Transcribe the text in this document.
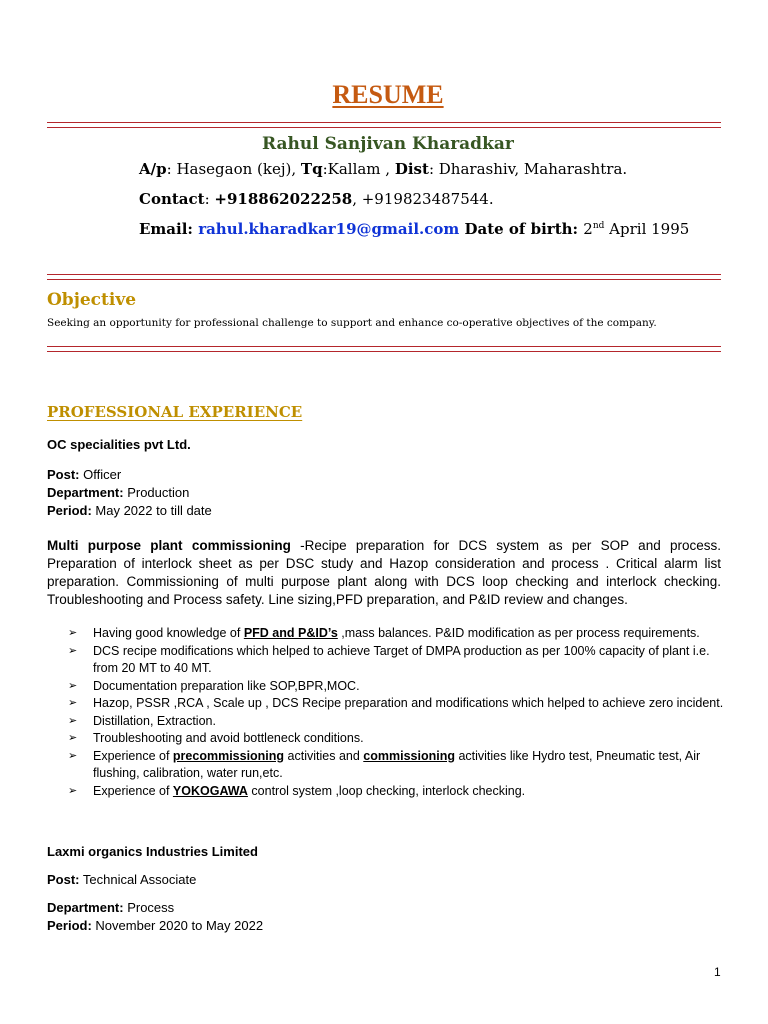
RESUME
Rahul Sanjivan Kharadkar
A/p: Hasegaon (kej), Tq:Kallam , Dist: Dharashiv, Maharashtra.
Contact: +918862022258, +919823487544.
Email: rahul.kharadkar19@gmail.com Date of birth: 2nd April 1995
Objective
Seeking an opportunity for professional challenge to support and enhance co-operative objectives of the company.
PROFESSIONAL EXPERIENCE
OC specialities pvt Ltd.
Post: Officer
Department: Production
Period: May 2022 to till date
Multi purpose plant commissioning -Recipe preparation for DCS system as per SOP and process. Preparation of interlock sheet as per DSC study and Hazop consideration and process . Critical alarm list preparation. Commissioning of multi purpose plant along with DCS loop checking and interlock checking. Troubleshooting and Process safety. Line sizing,PFD preparation, and P&ID review and changes.
➢ Having good knowledge of PFD and P&ID’s ,mass balances. P&ID modification as per process requirements.
➢ DCS recipe modifications which helped to achieve Target of DMPA production as per 100% capacity of plant i.e. from 20 MT to 40 MT.
➢ Documentation preparation like SOP,BPR,MOC.
➢ Hazop, PSSR ,RCA , Scale up , DCS Recipe preparation and modifications which helped to achieve zero incident.
➢ Distillation, Extraction.
➢ Troubleshooting and avoid bottleneck conditions.
➢ Experience of precommissioning activities and commissioning activities like Hydro test, Pneumatic test, Air flushing, calibration, water run,etc.
➢ Experience of YOKOGAWA control system ,loop checking, interlock checking.
Laxmi organics Industries Limited
Post: Technical Associate
Department: Process
Period: November 2020 to May 2022
1
